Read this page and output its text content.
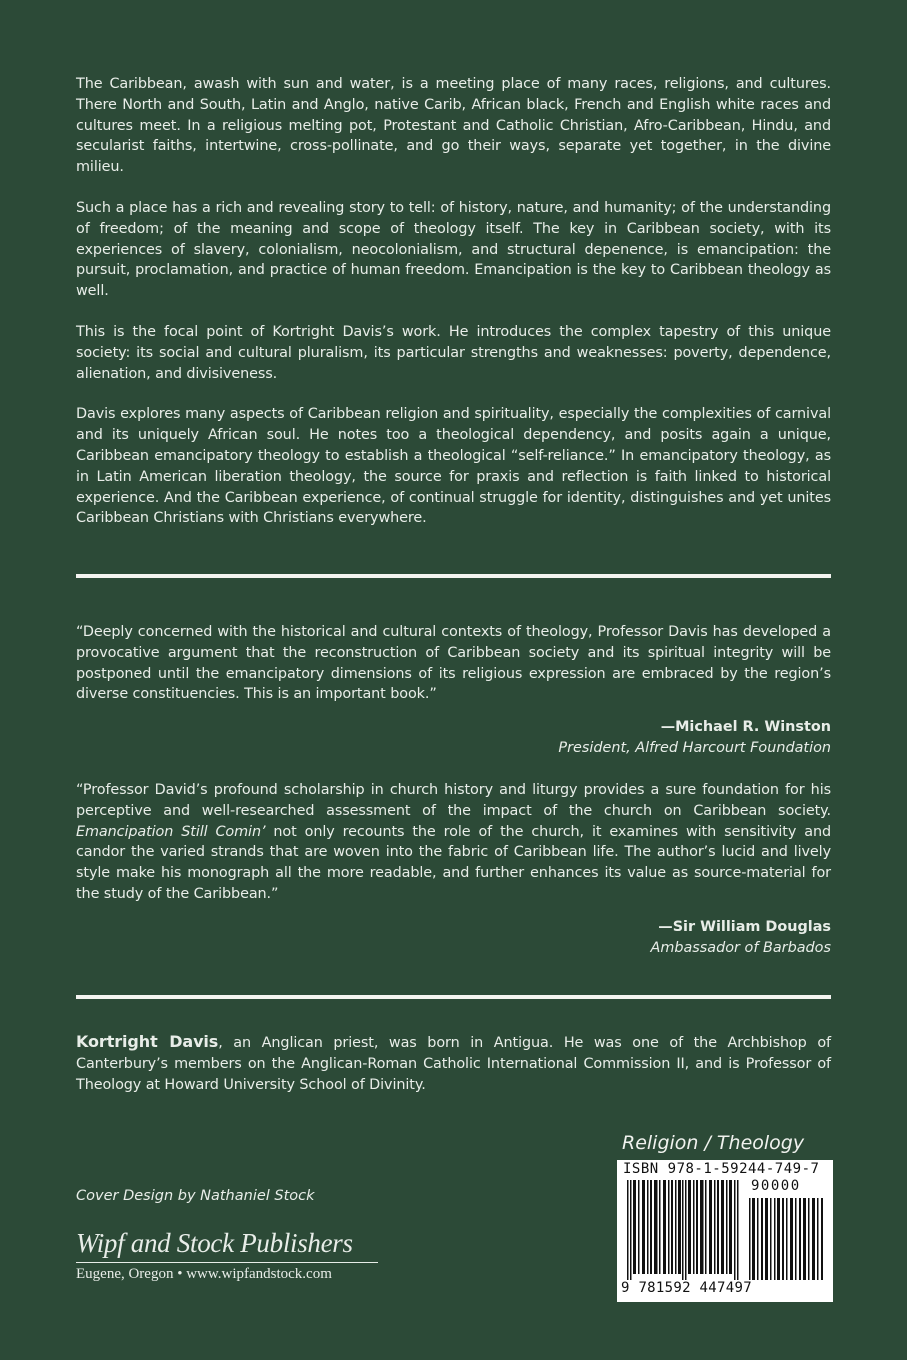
The Caribbean, awash with sun and water, is a meeting place of many races, religions, and cultures. There North and South, Latin and Anglo, native Carib, African black, French and English white races and cultures meet. In a religious melting pot, Protestant and Catholic Christian, Afro-Caribbean, Hindu, and secularist faiths, intertwine, cross-pollinate, and go their ways, separate yet together, in the divine milieu.

Such a place has a rich and revealing story to tell: of history, nature, and humanity; of the understanding of freedom; of the meaning and scope of theology itself. The key in Caribbean society, with its experiences of slavery, colonialism, neocolonialism, and structural depenence, is emancipation: the pursuit, proclamation, and practice of human freedom. Emancipation is the key to Caribbean theology as well.

This is the focal point of Kortright Davis’s work. He introduces the complex tapestry of this unique society: its social and cultural pluralism, its particular strengths and weaknesses: poverty, dependence, alienation, and divisiveness.

Davis explores many aspects of Caribbean religion and spirituality, especially the complexities of carnival and its uniquely African soul. He notes too a theological dependency, and posits again a unique, Caribbean emancipatory theology to establish a theological “self-reliance.” In emancipatory theology, as in Latin American liberation theology, the source for praxis and reflection is faith linked to historical experience. And the Caribbean experience, of continual struggle for identity, distinguishes and yet unites Caribbean Christians with Christians everywhere.

“Deeply concerned with the historical and cultural contexts of theology, Professor Davis has developed a provocative argument that the reconstruction of Caribbean society and its spiritual integrity will be postponed until the emancipatory dimensions of its religious expression are embraced by the region’s diverse constituencies. This is an important book.”

—Michael R. Winston
President, Alfred Harcourt Foundation

“Professor David’s profound scholarship in church history and liturgy provides a sure foundation for his perceptive and well-researched assessment of the impact of the church on Caribbean society. Emancipation Still Comin’ not only recounts the role of the church, it examines with sensitivity and candor the varied strands that are woven into the fabric of Caribbean life. The author’s lucid and lively style make his monograph all the more readable, and further enhances its value as source-material for the study of the Caribbean.”

—Sir William Douglas
Ambassador of Barbados

Kortright Davis, an Anglican priest, was born in Antigua. He was one of the Archbishop of Canterbury’s members on the Anglican-Roman Catholic International Commission II, and is Professor of Theology at Howard University School of Divinity.

Religion / Theology
ISBN 978-1-59244-749-7
90000
9 781592 447497
Cover Design by Nathaniel Stock
Wipf and Stock Publishers
Eugene, Oregon • www.wipfandstock.com
